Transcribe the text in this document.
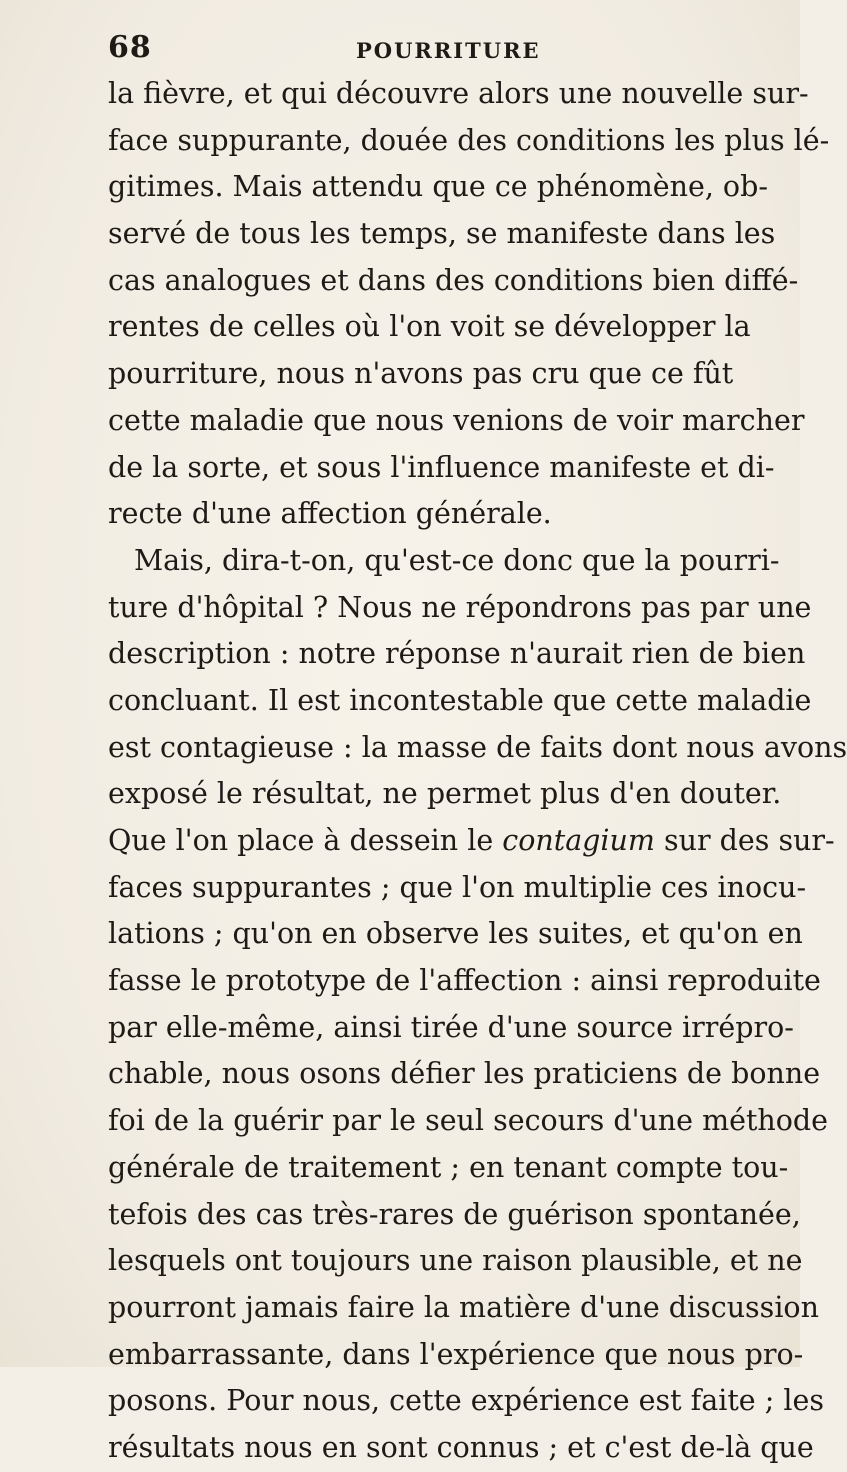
68	POURRITURE
la fièvre, et qui découvre alors une nouvelle sur-
face suppurante, douée des conditions les plus lé-
gitimes. Mais attendu que ce phénomène, ob-
servé de tous les temps, se manifeste dans les
cas analogues et dans des conditions bien diffé-
rentes de celles où l'on voit se développer la
pourriture, nous n'avons pas cru que ce fût
cette maladie que nous venions de voir marcher
de la sorte, et sous l'influence manifeste et di-
recte d'une affection générale.
Mais, dira-t-on, qu'est-ce donc que la pourri-
ture d'hôpital ? Nous ne répondrons pas par une
description : notre réponse n'aurait rien de bien
concluant. Il est incontestable que cette maladie
est contagieuse : la masse de faits dont nous avons
exposé le résultat, ne permet plus d'en douter.
Que l'on place à dessein le contagium sur des sur-
faces suppurantes ; que l'on multiplie ces inocu-
lations ; qu'on en observe les suites, et qu'on en
fasse le prototype de l'affection : ainsi reproduite
par elle-même, ainsi tirée d'une source irrépro-
chable, nous osons défier les praticiens de bonne
foi de la guérir par le seul secours d'une méthode
générale de traitement ; en tenant compte tou-
tefois des cas très-rares de guérison spontanée,
lesquels ont toujours une raison plausible, et ne
pourront jamais faire la matière d'une discussion
embarrassante, dans l'expérience que nous pro-
posons. Pour nous, cette expérience est faite ; les
résultats nous en sont connus ; et c'est de-là que
